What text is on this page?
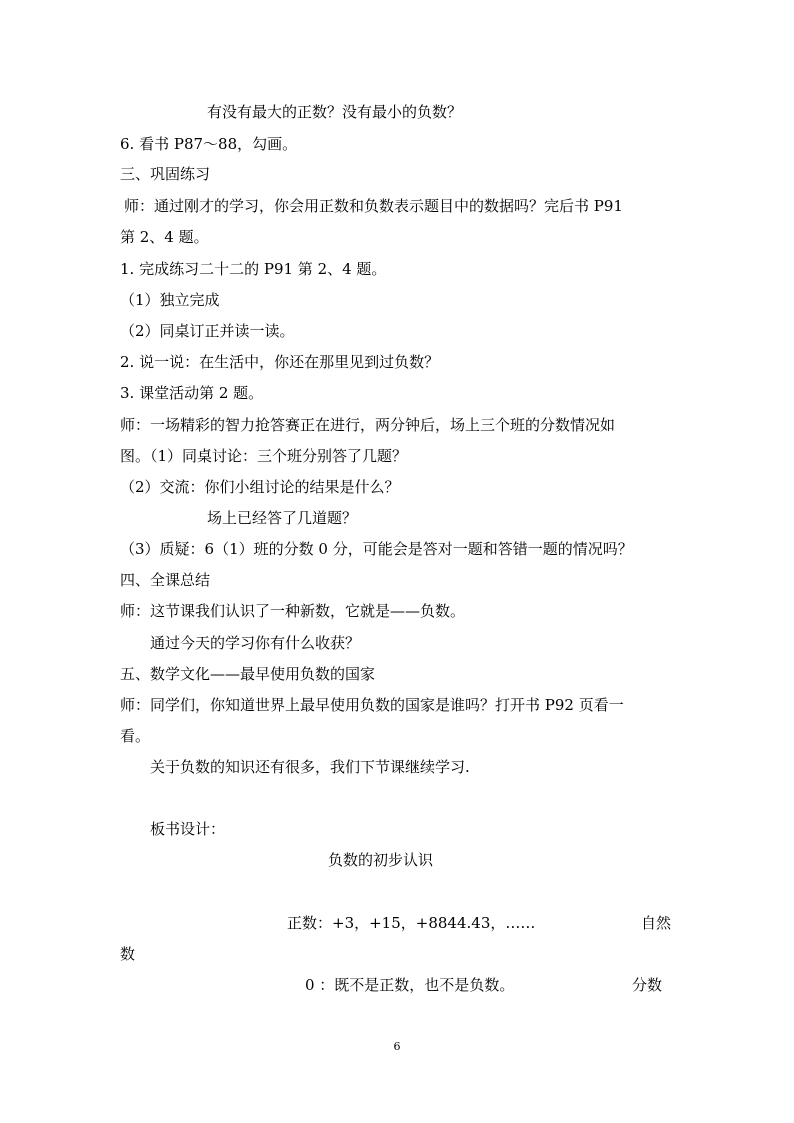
有没有最大的正数？没有最小的负数？
6. 看书 P87～88，勾画。
三、巩固练习
师：通过刚才的学习，你会用正数和负数表示题目中的数据吗？完后书 P91
第 2、4 题。
1. 完成练习二十二的 P91 第 2、4 题。
（1）独立完成
（2）同桌订正并读一读。
2. 说一说：在生活中，你还在那里见到过负数？
3. 课堂活动第 2 题。
师：一场精彩的智力抢答赛正在进行，两分钟后，场上三个班的分数情况如
图。（1）同桌讨论：三个班分别答了几题？
（2）交流：你们小组讨论的结果是什么？
场上已经答了几道题？
（3）质疑：6（1）班的分数 0 分，可能会是答对一题和答错一题的情况吗？
四、全课总结
师：这节课我们认识了一种新数，它就是——负数。
通过今天的学习你有什么收获？
五、数学文化——最早使用负数的国家
师：同学们，你知道世界上最早使用负数的国家是谁吗？打开书 P92 页看一
看。
关于负数的知识还有很多，我们下节课继续学习.
板书设计：
负数的初步认识
正数：+3，+15，+8844.43，……	自然
数
0 ：既不是正数，也不是负数。	分数
6
